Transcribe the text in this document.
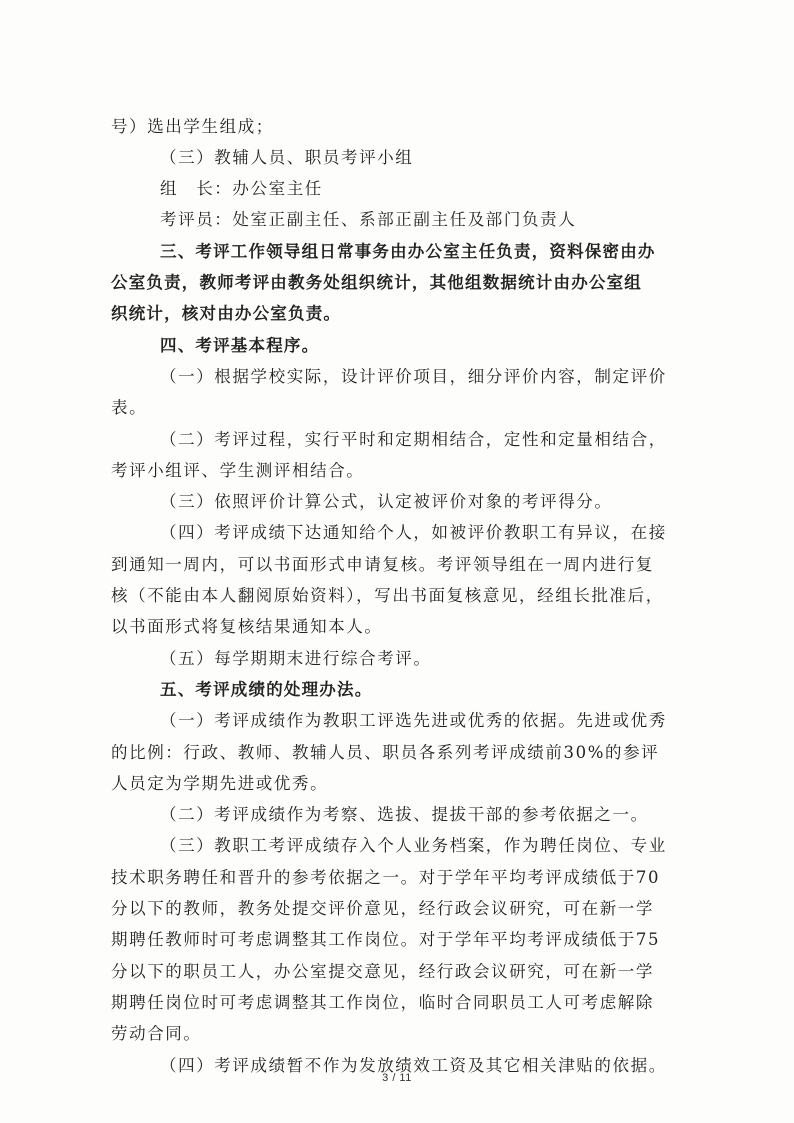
号）选出学生组成；

（三）教辅人员、职员考评小组

组　长：办公室主任

考评员：处室正副主任、系部正副主任及部门负责人

三、考评工作领导组日常事务由办公室主任负责，资料保密由办

公室负责，教师考评由教务处组织统计，其他组数据统计由办公室组

织统计，核对由办公室负责。

四、考评基本程序。

（一）根据学校实际，设计评价项目，细分评价内容，制定评价

表。

（二）考评过程，实行平时和定期相结合，定性和定量相结合，

考评小组评、学生测评相结合。

（三）依照评价计算公式，认定被评价对象的考评得分。

（四）考评成绩下达通知给个人，如被评价教职工有异议，在接

到通知一周内，可以书面形式申请复核。考评领导组在一周内进行复

核（不能由本人翻阅原始资料），写出书面复核意见，经组长批准后，

以书面形式将复核结果通知本人。

（五）每学期期末进行综合考评。

五、考评成绩的处理办法。

（一）考评成绩作为教职工评选先进或优秀的依据。先进或优秀

的比例：行政、教师、教辅人员、职员各系列考评成绩前30%的参评

人员定为学期先进或优秀。

（二）考评成绩作为考察、选拔、提拔干部的参考依据之一。

（三）教职工考评成绩存入个人业务档案，作为聘任岗位、专业

技术职务聘任和晋升的参考依据之一。对于学年平均考评成绩低于70

分以下的教师，教务处提交评价意见，经行政会议研究，可在新一学

期聘任教师时可考虑调整其工作岗位。对于学年平均考评成绩低于75

分以下的职员工人，办公室提交意见，经行政会议研究，可在新一学

期聘任岗位时可考虑调整其工作岗位，临时合同职员工人可考虑解除

劳动合同。

（四）考评成绩暂不作为发放绩效工资及其它相关津贴的依据。

3 / 11
